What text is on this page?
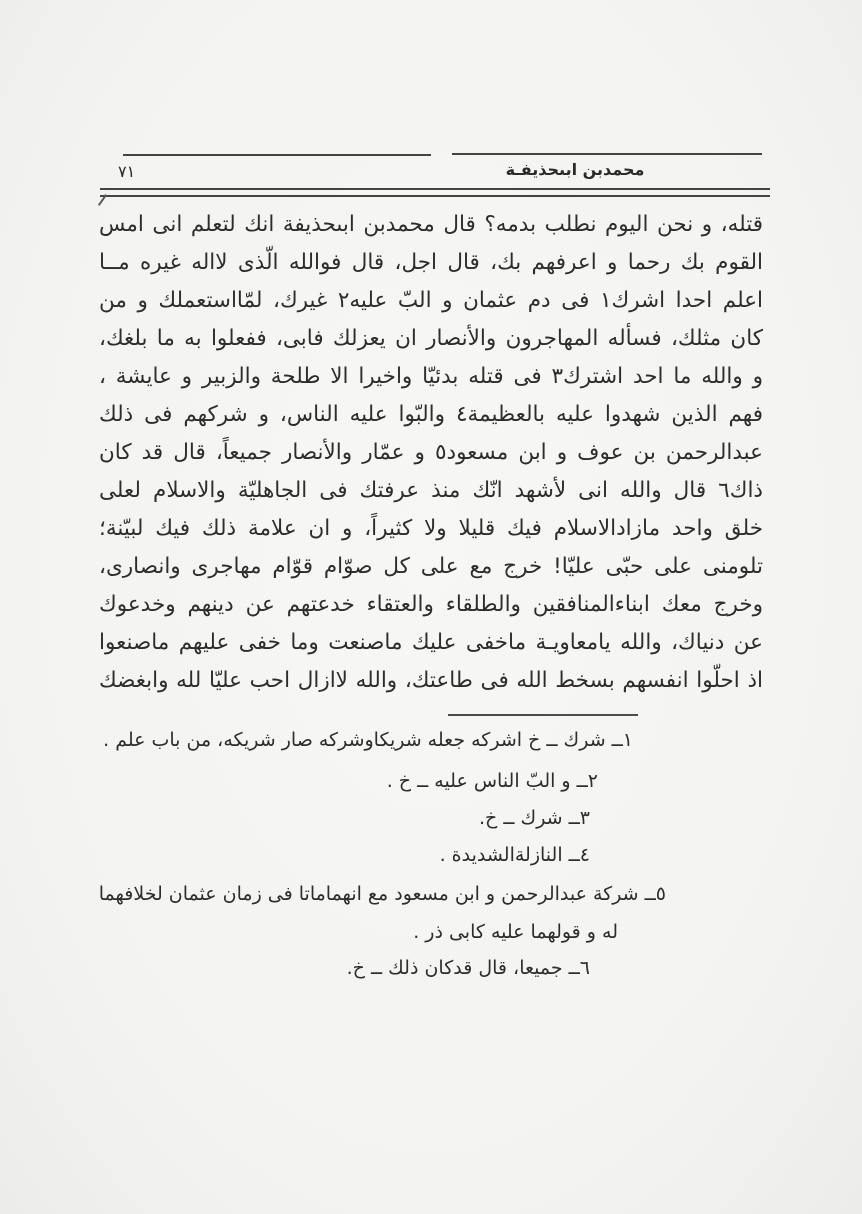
محمدبن ابىحذيفـة
٧١
قتله، و نحن اليوم نطلب بدمه؟ قال محمدبن ابىحذيفة انك لتعلم انى امس
القوم بك رحما و اعرفهم بك، قال اجل، قال فوالله الّذى لااله غيره مــا
اعلم احدا اشرك١ فى دم عثمان و البّ عليه٢ غيرك، لمّااستعملك و من
كان مثلك، فسأله المهاجرون والأنصار ان يعزلك فابى، ففعلوا به ما بلغك،
و والله ما احد اشترك٣ فى قتله بدئيّا واخيرا الا طلحة والزبير و عايشة ،
فهم الذين شهدوا عليه بالعظيمة٤ والبّوا عليه الناس، و شركهم فى ذلك
عبدالرحمن بن عوف و ابن مسعود٥ و عمّار والأنصار جميعاً، قال قد كان
ذاك٦ قال والله انى لأشهد انّك منذ عرفتك فى الجاهليّة والاسلام لعلى
خلق واحد مازادالاسلام فيك قليلا ولا كثيراً، و ان علامة ذلك فيك لبيّنة؛
تلومنى على حبّى عليّا! خرج مع على كل صوّام قوّام مهاجرى وانصارى،
وخرج معك ابناءالمنافقين والطلقاء والعتقاء خدعتهم عن دينهم وخدعوك
عن دنياك، والله يامعاويـة ماخفى عليك ماصنعت وما خفى عليهم ماصنعوا
اذ احلّوا انفسهم بسخط الله فى طاعتك، والله لاازال احب عليّا لله وابغضك
١ــ شرك ــ خ اشركه جعله شريكاوشركه صار شريكه، من باب علم .
٢ــ و البّ الناس عليه ــ خ .
٣ــ شرك ــ خ.
٤ــ النازلةالشديدة .
٥ــ شركة عبدالرحمن و ابن مسعود مع انهماماتا فى زمان عثمان لخلافهما
له و قولهما عليه كابى ذر .
٦ــ جميعا، قال قدكان ذلك ــ خ.
